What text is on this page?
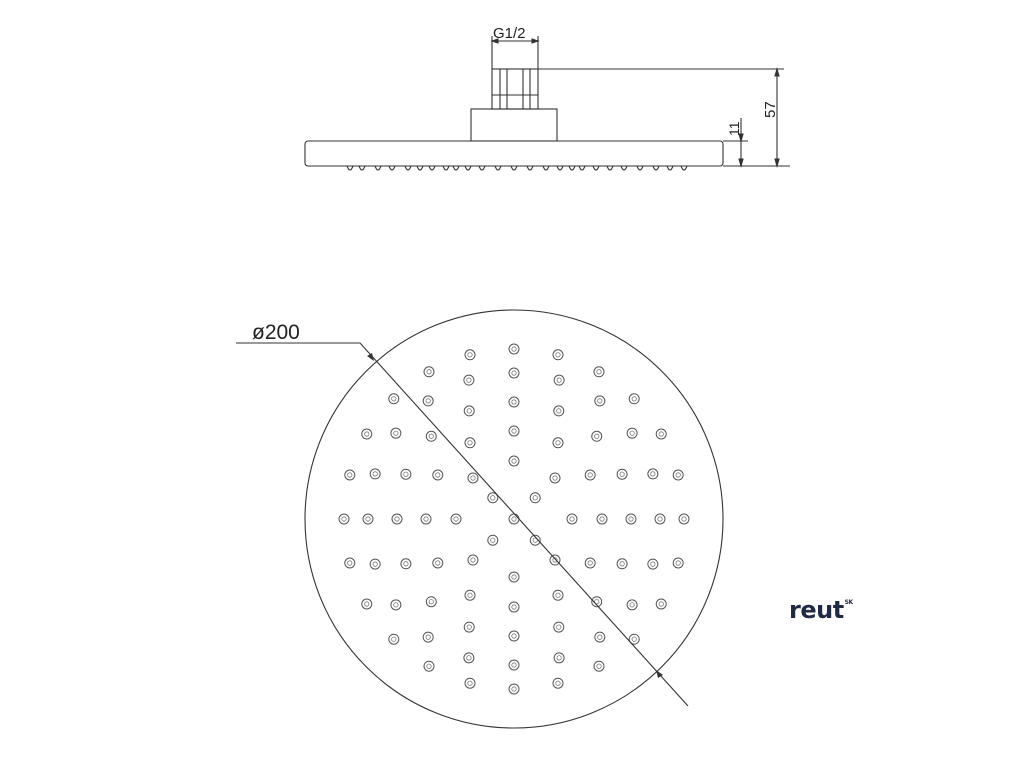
G1/2
57
11
ø200
reut$^{SK}$
